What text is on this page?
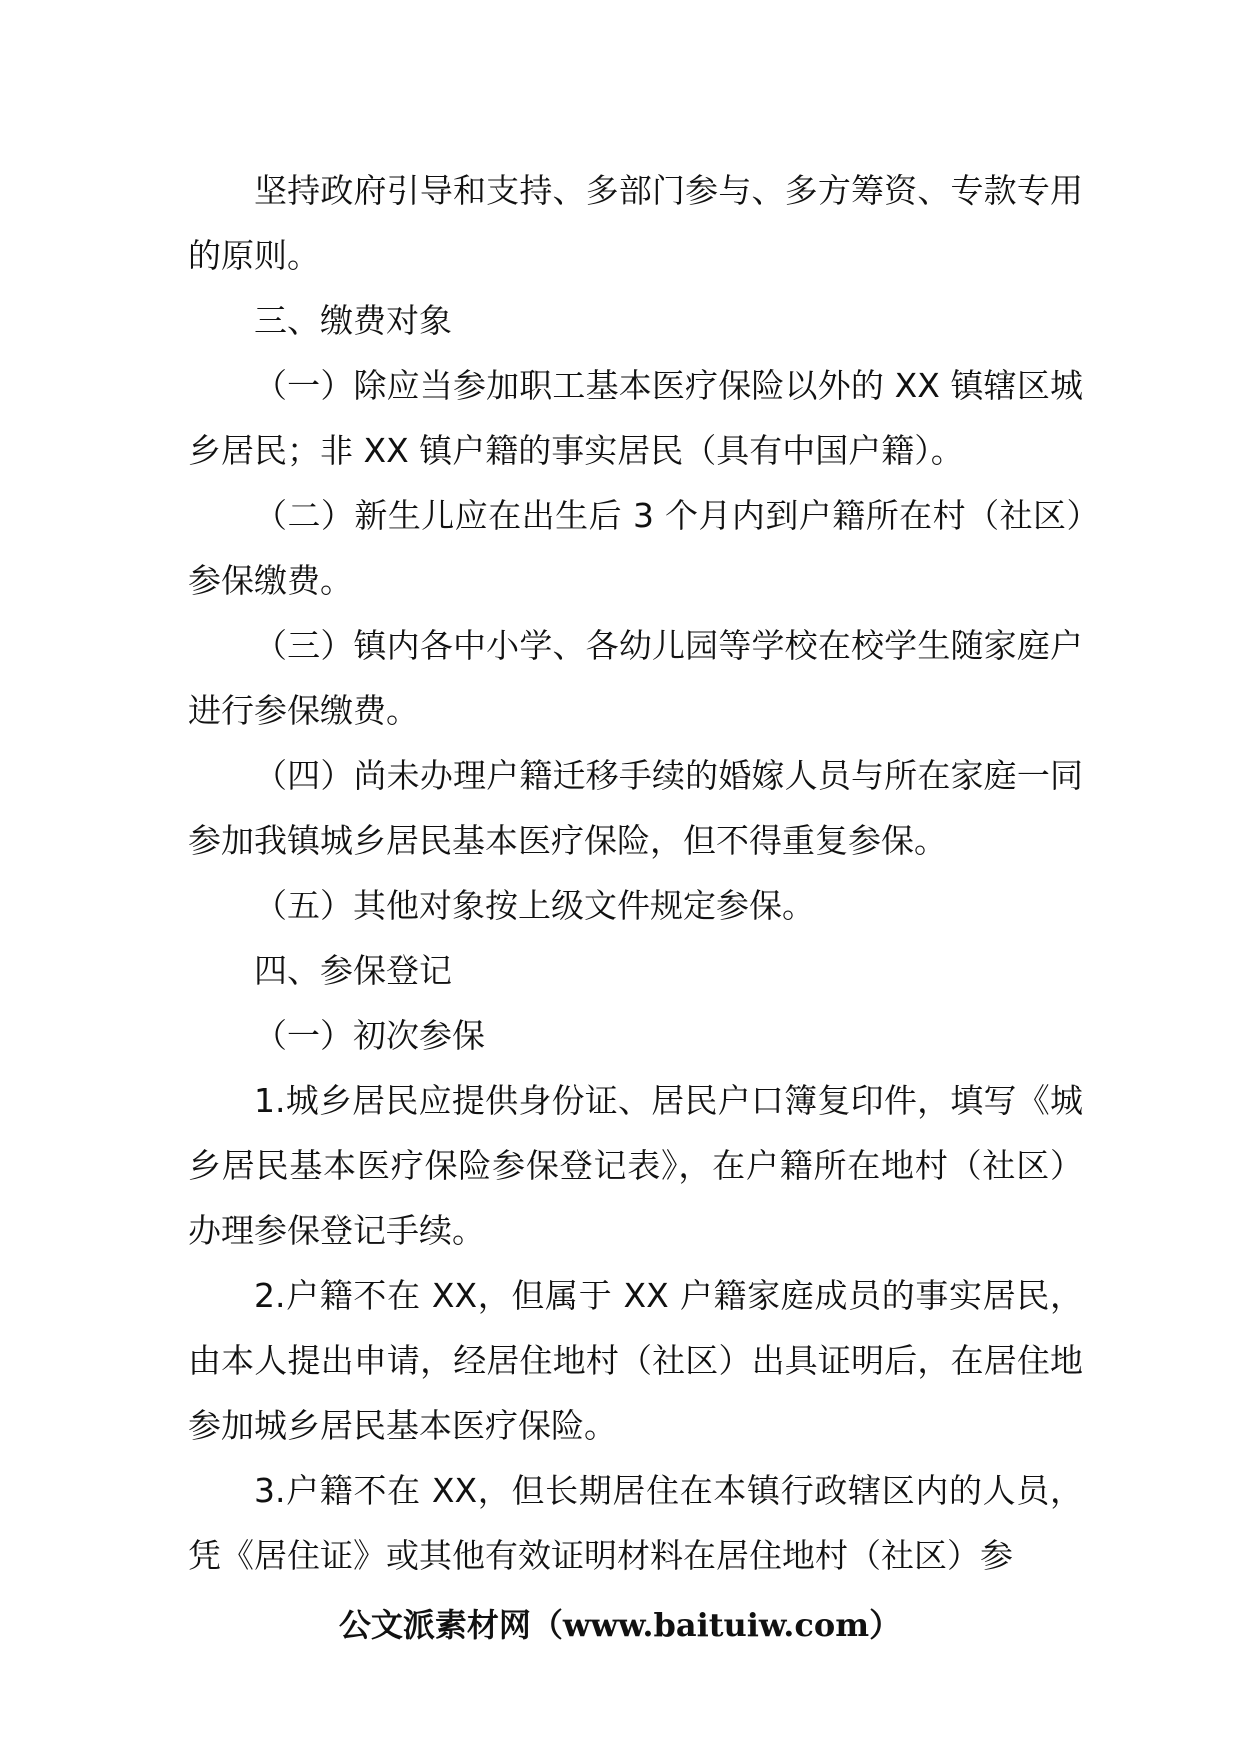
坚持政府引导和支持、多部门参与、多方筹资、专款专用的原则。

三、缴费对象

（一）除应当参加职工基本医疗保险以外的 XX 镇辖区城乡居民；非 XX 镇户籍的事实居民（具有中国户籍）。

（二）新生儿应在出生后 3 个月内到户籍所在村（社区）参保缴费。

（三）镇内各中小学、各幼儿园等学校在校学生随家庭户进行参保缴费。

（四）尚未办理户籍迁移手续的婚嫁人员与所在家庭一同参加我镇城乡居民基本医疗保险，但不得重复参保。

（五）其他对象按上级文件规定参保。

四、参保登记

（一）初次参保

1.城乡居民应提供身份证、居民户口簿复印件，填写《城乡居民基本医疗保险参保登记表》，在户籍所在地村（社区）办理参保登记手续。

2.户籍不在 XX，但属于 XX 户籍家庭成员的事实居民，由本人提出申请，经居住地村（社区）出具证明后，在居住地参加城乡居民基本医疗保险。

3.户籍不在 XX，但长期居住在本镇行政辖区内的人员，凭《居住证》或其他有效证明材料在居住地村（社区）参

公文派素材网（www.baituiw.com）
